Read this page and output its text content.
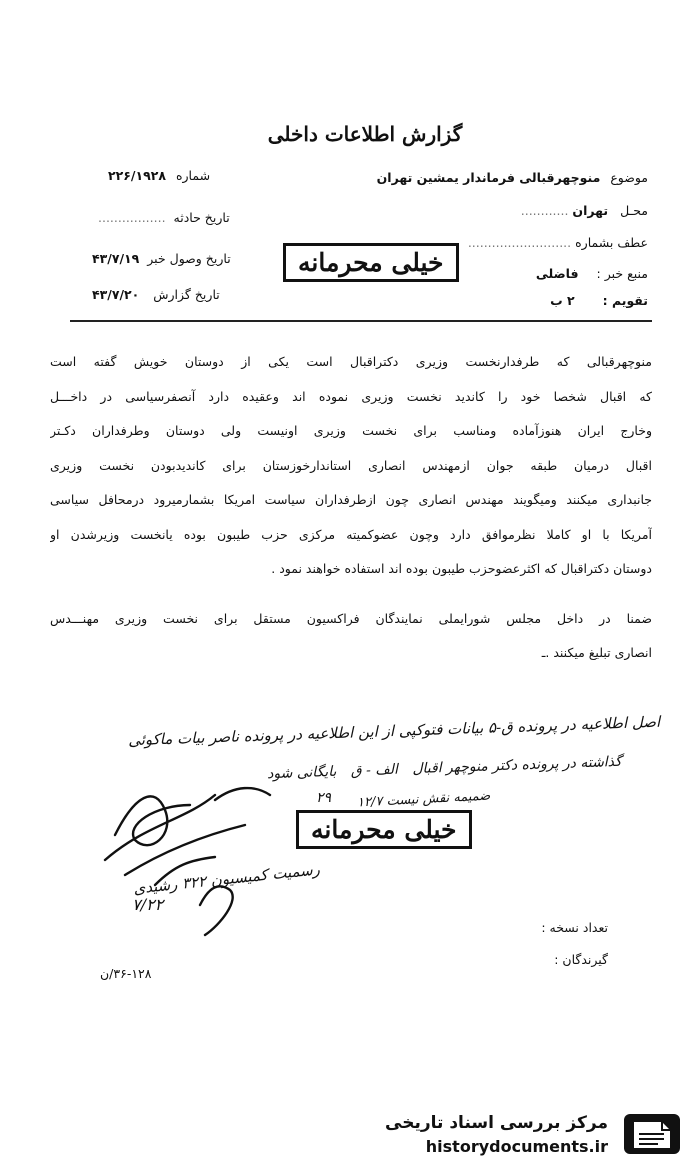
گزارش اطلاعات داخلی
موضوع منوچهرقبالی فرماندار یمشین تهران
محـل تهران ............
عطف بشماره ..........................
منبع خبر : فاضلی
تقویم : ۲ ب
شماره ۲۲۶/۱۹۲۸
تاریخ حادثه .................
تاریخ وصول خبر ۴۳/۷/۱۹
تاریخ گزارش ۴۳/۷/۲۰
خیلی محرمانه
منوچهرقبالی که طرفدارنخست وزیری دکتراقبال است یکی از دوستان خویش گفته است
که اقبال شخصا خود را کاندید نخست وزیری نموده اند وعقیده دارد آنصفرسیاسی در داخـــل
وخارج ایران هنوزآماده ومناسب برای نخست وزیری اونیست ولی دوستان وطرفداران دکـتر
اقبال درمیان طبقه جوان ازمهندس انصاری استاندارخوزستان برای کاندیدبودن نخست وزیری
جانبداری میکنند ومیگویند مهندس انصاری چون ازطرفداران سیاست امریکا بشمارمیرود درمحافل سیاسی
آمریکا با او کاملا نظرموافق دارد وچون عضوکمیته مرکزی حزب طیبون بوده یانخست وزیرشدن او
دوستان دکتراقبال که اکثرعضوحزب طیبون بوده اند استفاده خواهند نمود .
ضمنا در داخل مجلس شورایملی نمایندگان فراکسیون مستقل برای نخست وزیری مهنـــدس
انصاری تبلیغ میکنند .ـ
اصل اطلاعیه در پرونده ق-۵ بیانات فتوکپی از این اطلاعیه در پرونده ناصر بیات ماکوئی
گذاشته در پرونده دکتر منوچهر اقبال الف - ق بایگانی شود
۲۹ ضمیمه نقش نیست ۱۲/۷
رسمیت کمیسیون ۳۲۲ رشیدی
۷/۲۲
خیلی محرمانه
تعداد نسخه :
گیرندگان :
۳۶-۱۲۸/ن
مرکز بررسی اسناد تاریخی
historydocuments.ir
